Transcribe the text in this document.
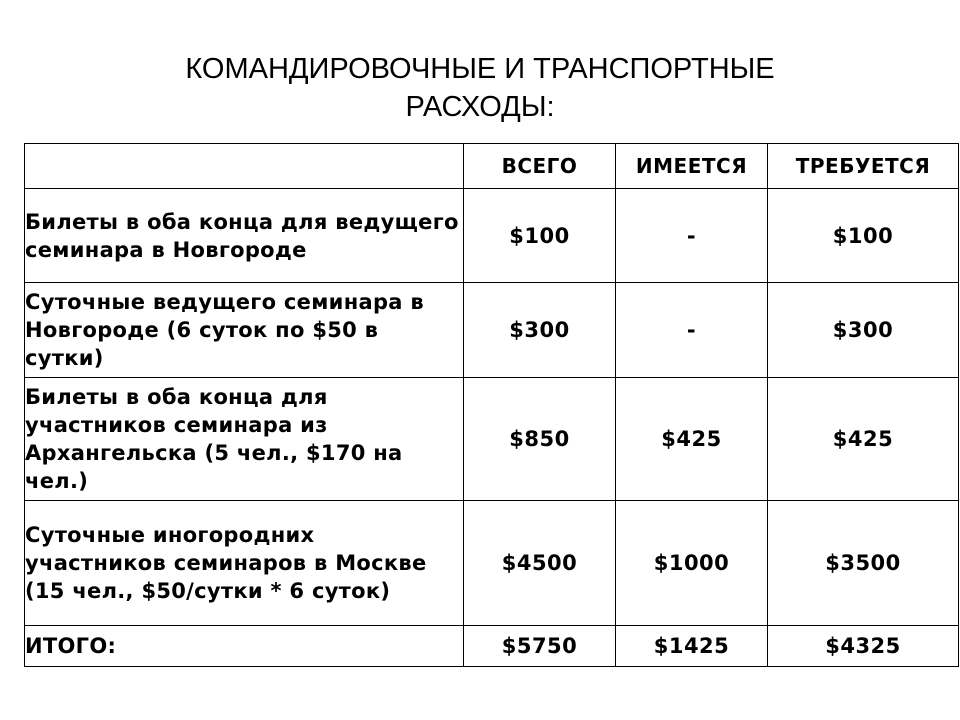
КОМАНДИРОВОЧНЫЕ И ТРАНСПОРТНЫЕ
РАСХОДЫ:
	ВСЕГО	ИМЕЕТСЯ	ТРЕБУЕТСЯ
Билеты в оба конца для ведущего семинара в Новгороде	$100	-	$100
Суточные ведущего семинара в Новгороде (6 суток по $50 в сутки)	$300	-	$300
Билеты в оба конца для участников семинара из Архангельска (5 чел., $170 на чел.)	$850	$425	$425
Суточные иногородних участников семинаров в Москве (15 чел., $50/сутки * 6 суток)	$4500	$1000	$3500
ИТОГО:	$5750	$1425	$4325
